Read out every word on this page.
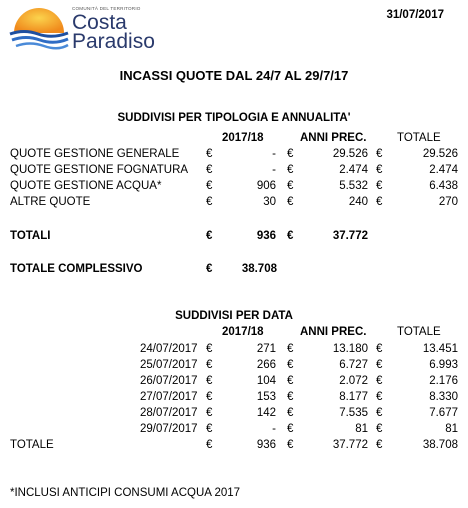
COMUNITÀ DEL TERRITORIO
Costa
Paradiso
31/07/2017
INCASSI QUOTE DAL 24/7 AL 29/7/17
SUDDIVISI PER TIPOLOGIA E ANNUALITA'
2017/18	ANNI PREC.	TOTALE
QUOTE GESTIONE GENERALE €	- €	29.526 €	29.526
QUOTE GESTIONE FOGNATURA €	- €	2.474 €	2.474
QUOTE GESTIONE ACQUA*	€	906 €	5.532 €	6.438
ALTRE QUOTE	€	30 €	240 €	270
TOTALI	€	936 €	37.772
TOTALE COMPLESSIVO	€	38.708
SUDDIVISI PER DATA
2017/18	ANNI PREC.	TOTALE
24/07/2017 €	271 €	13.180 €	13.451
25/07/2017 €	266 €	6.727 €	6.993
26/07/2017 €	104 €	2.072 €	2.176
27/07/2017 €	153 €	8.177 €	8.330
28/07/2017 €	142 €	7.535 €	7.677
29/07/2017 €	- €	81 €	81
TOTALE	€	936 €	37.772 €	38.708
*INCLUSI ANTICIPI CONSUMI ACQUA 2017
